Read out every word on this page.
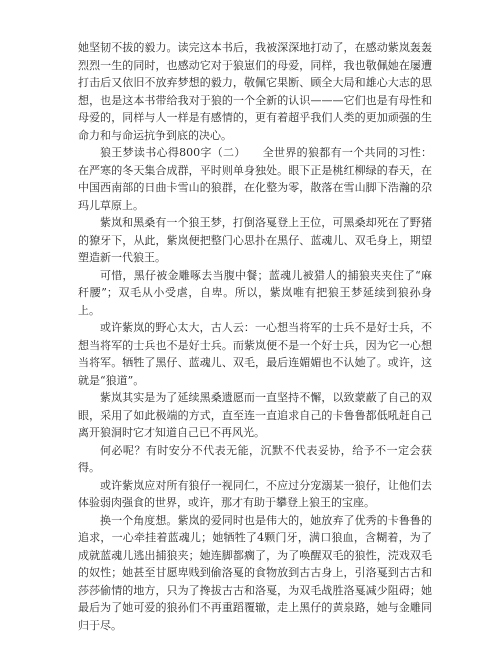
她坚韧不拔的毅力。读完这本书后，我被深深地打动了，在感动紫岚轰轰烈烈一生的同时，也感动它对于狼崽们的母爱，同样，我也敬佩她在屡遭打击后又依旧不放弃梦想的毅力，敬佩它果断、顾全大局和雄心大志的思想，也是这本书带给我对于狼的一个全新的认识———它们也是有母性和母爱的，同样与人一样是有感情的，更有着超乎我们人类的更加顽强的生命力和与命运抗争到底的决心。

狼王梦读书心得800字（二）　　全世界的狼都有一个共同的习性：在严寒的冬天集合成群，平时则单身独处。眼下正是桃红柳绿的春天，在中国西南部的日曲卡雪山的狼群，在化整为零，散落在雪山脚下浩瀚的尕玛儿草原上。

紫岚和黑桑有一个狼王梦，打倒洛戛登上王位，可黑桑却死在了野猪的獠牙下，从此，紫岚便把整门心思扑在黑仔、蓝魂儿、双毛身上，期望塑造新一代狼王。

可惜，黑仔被金雕啄去当腹中餐；蓝魂儿被猎人的捕狼夹夹住了“麻秆腰”；双毛从小受虐，自卑。所以，紫岚唯有把狼王梦延续到狼孙身上。

或许紫岚的野心太大，古人云：一心想当将军的士兵不是好士兵，不想当将军的士兵也不是好士兵。而紫岚便不是一个好士兵，因为它一心想当将军。牺牲了黑仔、蓝魂儿、双毛，最后连媚媚也不认她了。或许，这就是“狼道”。

紫岚其实是为了延续黑桑遗愿而一直坚持不懈，以致蒙蔽了自己的双眼，采用了如此极端的方式，直至连一直追求自己的卡鲁鲁都低吼赶自己离开狼洞时它才知道自己已不再风光。

何必呢？有时安分不代表无能，沉默不代表妥协，给予不一定会获得。

或许紫岚应对所有狼仔一视同仁，不应过分宠溺某一狼仔，让他们去体验弱肉强食的世界，或许，那才有助于攀登上狼王的宝座。

换一个角度想。紫岚的爱同时也是伟大的，她放弃了优秀的卡鲁鲁的追求，一心牵挂着蓝魂儿；她牺牲了4颗门牙，满口狼血，含糊着，为了成就蓝魂儿逃出捕狼夹；她连脚都瘸了，为了唤醒双毛的狼性，涜戏双毛的奴性；她甚至甘愿卑贱到偷洛戛的食物放到古古身上，引洛戛到古古和莎莎偷情的地方，只为了搀拔古古和洛戛，为双毛战胜洛戛减少阻碍；她最后为了她可爱的狼孙们不再重蹈覆辙，走上黑仔的黄泉路，她与金雕同归于尽。
